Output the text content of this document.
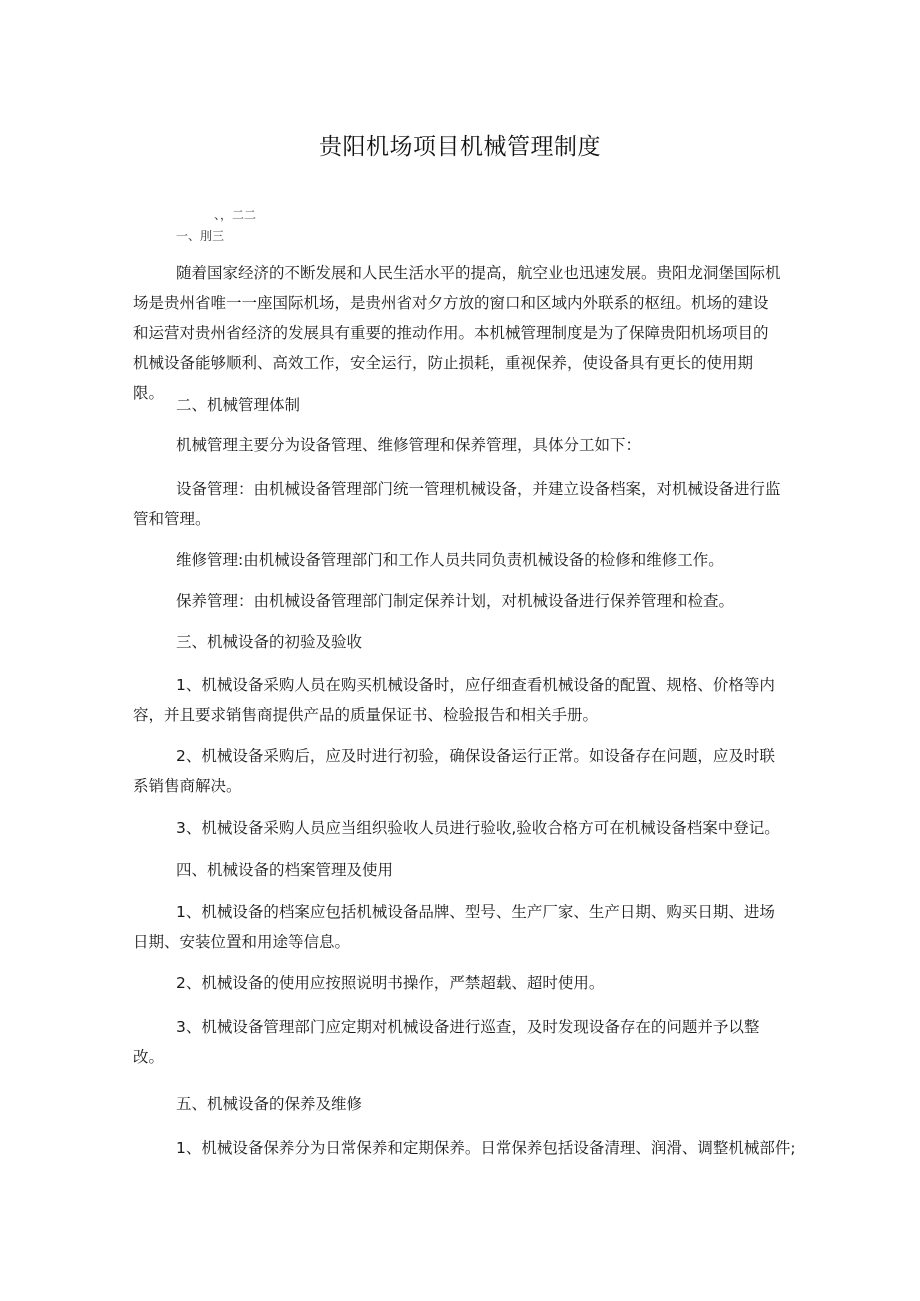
贵阳机场项目机械管理制度
、，二二
一、刖三

随着国家经济的不断发展和人民生活水平的提高，航空业也迅速发展。贵阳龙洞堡国际机场是贵州省唯一一座国际机场，是贵州省对夕方放的窗口和区域内外联系的枢纽。机场的建设和运营对贵州省经济的发展具有重要的推动作用。本机械管理制度是为了保障贵阳机场项目的机械设备能够顺利、高效工作，安全运行，防止损耗，重视保养，使设备具有更长的使用期限。

二、机械管理体制

机械管理主要分为设备管理、维修管理和保养管理，具体分工如下：

设备管理：由机械设备管理部门统一管理机械设备，并建立设备档案，对机械设备进行监管和管理。

维修管理:由机械设备管理部门和工作人员共同负责机械设备的检修和维修工作。

保养管理：由机械设备管理部门制定保养计划，对机械设备进行保养管理和检查。

三、机械设备的初验及验收

1、机械设备采购人员在购买机械设备时，应仔细查看机械设备的配置、规格、价格等内容，并且要求销售商提供产品的质量保证书、检验报告和相关手册。

2、机械设备采购后，应及时进行初验，确保设备运行正常。如设备存在问题，应及时联系销售商解决。

3、机械设备采购人员应当组织验收人员进行验收,验收合格方可在机械设备档案中登记。

四、机械设备的档案管理及使用

1、机械设备的档案应包括机械设备品牌、型号、生产厂家、生产日期、购买日期、进场日期、安装位置和用途等信息。

2、机械设备的使用应按照说明书操作，严禁超载、超时使用。

3、机械设备管理部门应定期对机械设备进行巡查，及时发现设备存在的问题并予以整改。

五、机械设备的保养及维修

1、机械设备保养分为日常保养和定期保养。日常保养包括设备清理、润滑、调整机械部件;
